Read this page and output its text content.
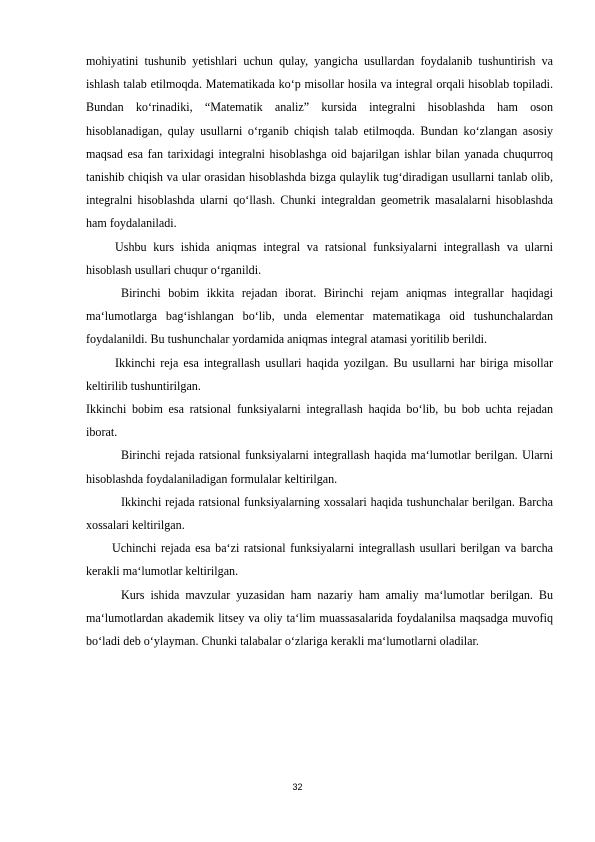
mohiyatini tushunib yetishlari uchun qulay, yangicha usullardan foydalanib tushuntirish va ishlash talab etilmoqda. Matematikada ko‘p misollar hosila va integral orqali hisoblab topiladi. Bundan ko‘rinadiki, “Matematik analiz” kursida integralni hisoblashda ham oson hisoblanadigan, qulay usullarni o‘rganib chiqish talab etilmoqda. Bundan ko‘zlangan asosiy maqsad esa fan tarixidagi integralni hisoblashga oid bajarilgan ishlar bilan yanada chuqurroq tanishib chiqish va ular orasidan hisoblashda bizga qulaylik tug‘diradigan usullarni tanlab olib, integralni hisoblashda ularni qo‘llash. Chunki integraldan geometrik masalalarni hisoblashda ham foydalaniladi.

Ushbu kurs ishida aniqmas integral va ratsional funksiyalarni integrallash va ularni hisoblash usullari chuqur o‘rganildi.

Birinchi bobim ikkita rejadan iborat. Birinchi rejam aniqmas integrallar haqidagi ma‘lumotlarga bag‘ishlangan bo‘lib, unda elementar matematikaga oid tushunchalardan foydalanildi. Bu tushunchalar yordamida aniqmas integral atamasi yoritilib berildi.

Ikkinchi reja esa integrallash usullari haqida yozilgan. Bu usullarni har biriga misollar keltirilib tushuntirilgan.

Ikkinchi bobim esa ratsional funksiyalarni integrallash haqida bo‘lib, bu bob uchta rejadan iborat.

Birinchi rejada ratsional funksiyalarni integrallash haqida ma‘lumotlar berilgan. Ularni hisoblashda foydalaniladigan formulalar keltirilgan.

Ikkinchi rejada ratsional funksiyalarning xossalari haqida tushunchalar berilgan. Barcha xossalari keltirilgan.

Uchinchi rejada esa ba‘zi ratsional funksiyalarni integrallash usullari berilgan va barcha kerakli ma‘lumotlar keltirilgan.

Kurs ishida mavzular yuzasidan ham nazariy ham amaliy ma‘lumotlar berilgan. Bu ma‘lumotlardan akademik litsey va oliy ta‘lim muassasalarida foydalanilsa maqsadga muvofiq bo‘ladi deb o‘ylayman. Chunki talabalar o‘zlariga kerakli ma‘lumotlarni oladilar.

32
